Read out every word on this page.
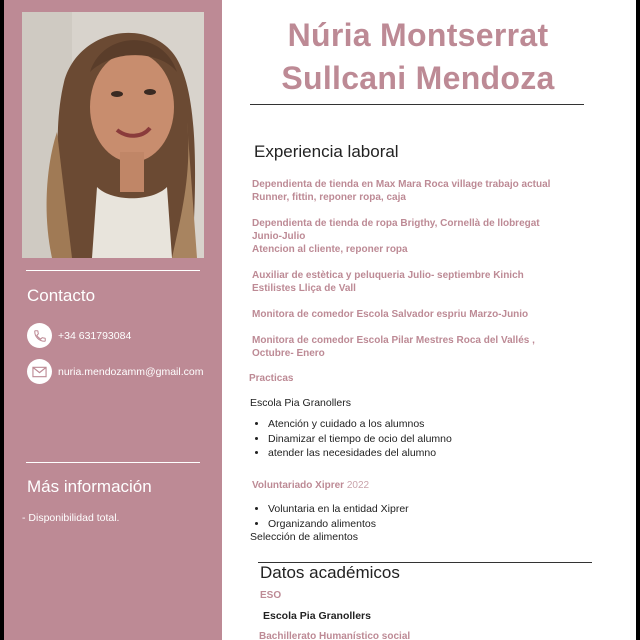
Contacto
+34 631793084
nuria.mendozamm@gmail.com
Más información
- Disponibilidad total.
Núria Montserrat
Sullcani Mendoza
Experiencia laboral
Dependienta de tienda en Max Mara Roca village trabajo actual
Runner, fittin, reponer ropa, caja
Dependienta de tienda de ropa Brigthy, Cornellà de llobregat
Junio-Julio
Atencion al cliente, reponer ropa
Auxiliar de estètica y peluqueria Julio- septiembre Kinich
Estilistes Lliça de Vall
Monitora de comedor Escola Salvador espriu Marzo-Junio
Monitora de comedor Escola Pilar Mestres Roca del Vallés ,
Octubre- Enero
Practicas
Escola Pia Granollers
• Atención y cuidado a los alumnos
• Dinamizar el tiempo de ocio del alumno
• atender las necesidades del alumno
Voluntariado Xiprer 2022
• Voluntaria en la entidad Xiprer
• Organizando alimentos
Selección de alimentos
Datos académicos
ESO
Escola Pia Granollers
Bachillerato Humanístico social
